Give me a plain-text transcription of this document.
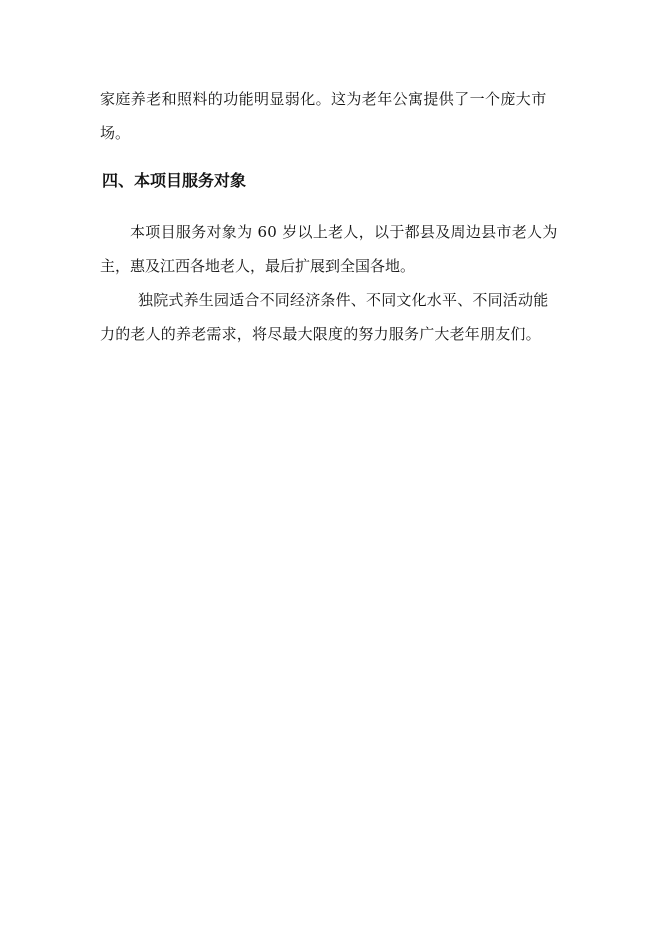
家庭养老和照料的功能明显弱化。这为老年公寓提供了一个庞大市

场。

四、本项目服务对象

本项目服务对象为 60 岁以上老人，以于都县及周边县市老人为

主，惠及江西各地老人，最后扩展到全国各地。

独院式养生园适合不同经济条件、不同文化水平、不同活动能

力的老人的养老需求，将尽最大限度的努力服务广大老年朋友们。
